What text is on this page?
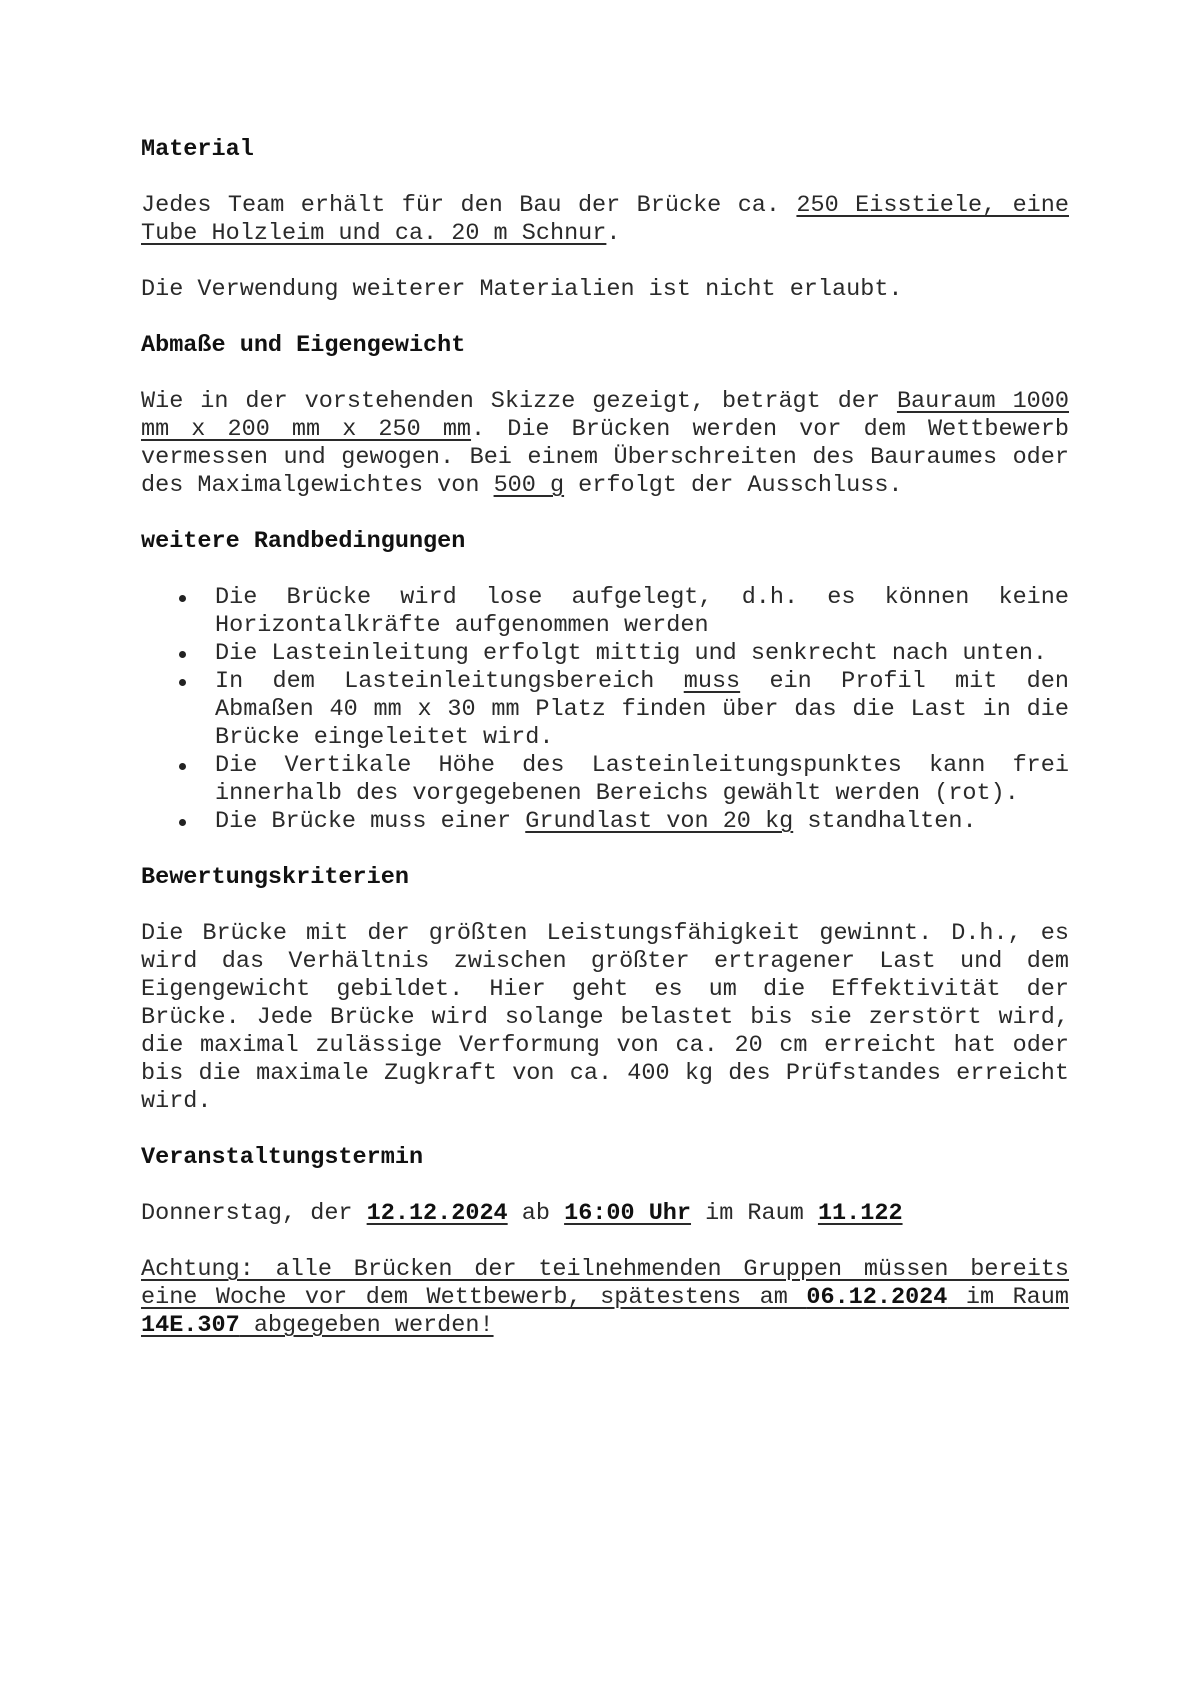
Material

Jedes Team erhält für den Bau der Brücke ca. 250 Eisstiele, eine Tube Holzleim und ca. 20 m Schnur.

Die Verwendung weiterer Materialien ist nicht erlaubt.

Abmaße und Eigengewicht

Wie in der vorstehenden Skizze gezeigt, beträgt der Bauraum 1000 mm x 200 mm x 250 mm. Die Brücken werden vor dem Wettbewerb vermessen und gewogen. Bei einem Überschreiten des Bauraumes oder des Maximalgewichtes von 500 g erfolgt der Ausschluss.

weitere Randbedingungen
Die Brücke wird lose aufgelegt, d.h. es können keine Horizontalkräfte aufgenommen werden
Die Lasteinleitung erfolgt mittig und senkrecht nach unten.
In dem Lasteinleitungsbereich muss ein Profil mit den Abmaßen 40 mm x 30 mm Platz finden über das die Last in die Brücke eingeleitet wird.
Die Vertikale Höhe des Lasteinleitungspunktes kann frei innerhalb des vorgegebenen Bereichs gewählt werden (rot).
Die Brücke muss einer Grundlast von 20 kg standhalten.
Bewertungskriterien

Die Brücke mit der größten Leistungsfähigkeit gewinnt. D.h., es wird das Verhältnis zwischen größter ertragener Last und dem Eigengewicht gebildet. Hier geht es um die Effektivität der Brücke. Jede Brücke wird solange belastet bis sie zerstört wird, die maximal zulässige Verformung von ca. 20 cm erreicht hat oder bis die maximale Zugkraft von ca. 400 kg des Prüfstandes erreicht wird.

Veranstaltungstermin

Donnerstag, der 12.12.2024 ab 16:00 Uhr im Raum 11.122

Achtung: alle Brücken der teilnehmenden Gruppen müssen bereits eine Woche vor dem Wettbewerb, spätestens am 06.12.2024 im Raum 14E.307 abgegeben werden!
